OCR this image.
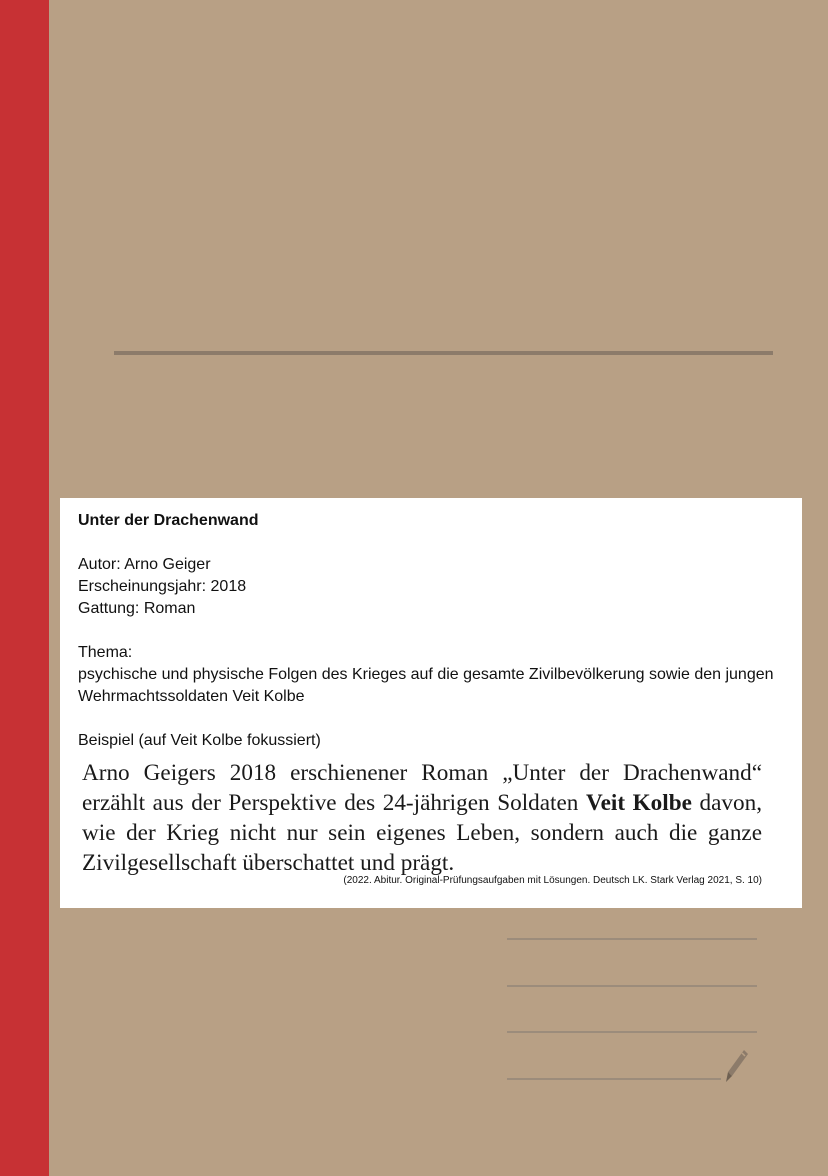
Unter der Drachenwand

Autor: Arno Geiger
Erscheinungsjahr: 2018
Gattung: Roman
Thema:
psychische und physische Folgen des Krieges auf die gesamte Zivilbevölkerung sowie den jungen Wehrmachtssoldaten Veit Kolbe
Beispiel (auf Veit Kolbe fokussiert)
Arno Geigers 2018 erschienener Roman „Unter der Drachenwand“ erzählt aus der Perspektive des 24-jährigen Soldaten Veit Kolbe davon, wie der Krieg nicht nur sein eigenes Leben, sondern auch die ganze Zivilgesellschaft überschattet und prägt.
(2022. Abitur. Original-Prüfungsaufgaben mit Lösungen. Deutsch LK. Stark Verlag 2021, S. 10)
